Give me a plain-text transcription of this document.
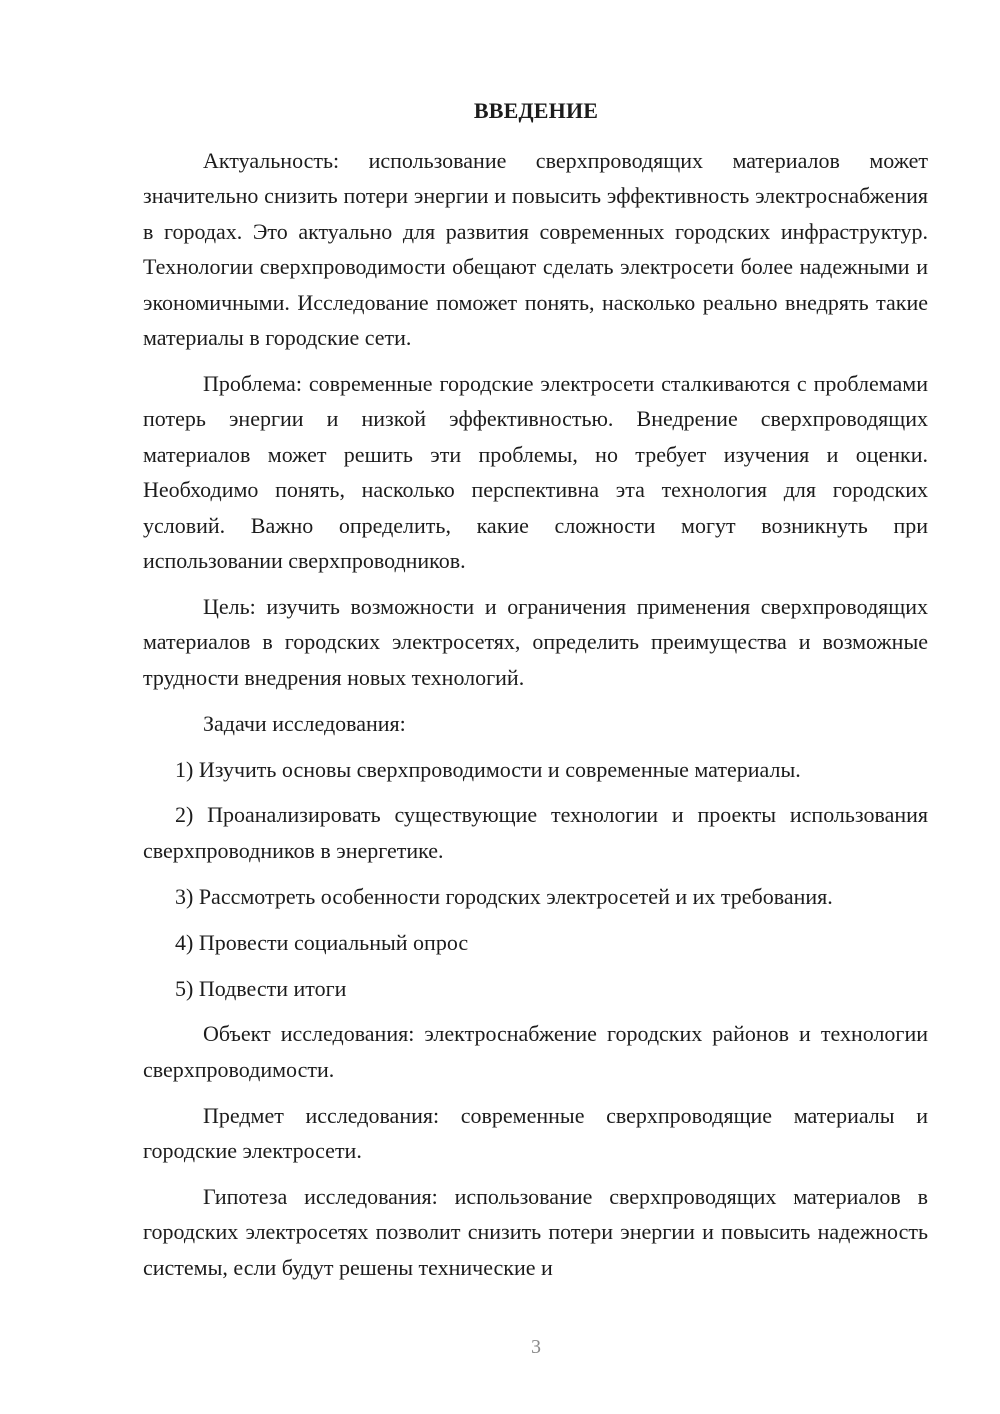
ВВЕДЕНИЕ

Актуальность: использование сверхпроводящих материалов может значительно снизить потери энергии и повысить эффективность электроснабжения в городах. Это актуально для развития современных городских инфраструктур. Технологии сверхпроводимости обещают сделать электросети более надежными и экономичными. Исследование поможет понять, насколько реально внедрять такие материалы в городские сети.

Проблема: современные городские электросети сталкиваются с проблемами потерь энергии и низкой эффективностью. Внедрение сверхпроводящих материалов может решить эти проблемы, но требует изучения и оценки. Необходимо понять, насколько перспективна эта технология для городских условий. Важно определить, какие сложности могут возникнуть при использовании сверхпроводников.

Цель: изучить возможности и ограничения применения сверхпроводящих материалов в городских электросетях, определить преимущества и возможные трудности внедрения новых технологий.

Задачи исследования:

1) Изучить основы сверхпроводимости и современные материалы.

2) Проанализировать существующие технологии и проекты использования сверхпроводников в энергетике.

3) Рассмотреть особенности городских электросетей и их требования.

4) Провести социальный опрос

5) Подвести итоги

Объект исследования: электроснабжение городских районов и технологии сверхпроводимости.

Предмет исследования: современные сверхпроводящие материалы и городские электросети.

Гипотеза исследования: использование сверхпроводящих материалов в городских электросетях позволит снизить потери энергии и повысить надежность системы, если будут решены технические и

3
